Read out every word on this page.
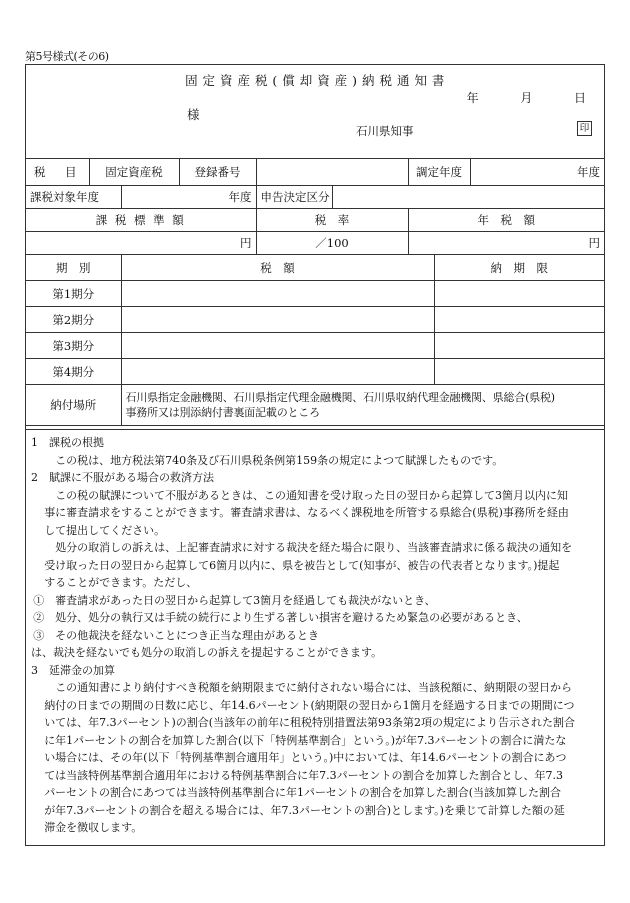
第5号様式(その6)
固 定 資 産 税 ( 償 却 資 産 ) 納 税 通 知 書
年	月	日
様
石川県知事	印
税　目	固定資産税		登録番号			調定年度		年度
課税対象年度		年度		申告決定区分				
課 税 標 準 額				税　率		年　税　額		
円				／100		円		
期　別		税　額					納　期　限	
第1期分								
第2期分								
第3期分								
第4期分								
納付場所		石川県指定金融機関、石川県指定代理金融機関、石川県収納代理金融機関、県総合(県税)
事務所又は別添納付書裏面記載のところ						

1　課税の根拠

この税は、地方税法第740条及び石川県税条例第159条の規定によつて賦課したものです。

2　賦課に不服がある場合の救済方法

この税の賦課について不服があるときは、この通知書を受け取った日の翌日から起算して3箇月以内に知

事に審査請求をすることができます。審査請求書は、なるべく課税地を所管する県総合(県税)事務所を経由

して提出してください。

処分の取消しの訴えは、上記審査請求に対する裁決を経た場合に限り、当該審査請求に係る裁決の通知を

受け取った日の翌日から起算して6箇月以内に、県を被告として(知事が、被告の代表者となります。)提起

することができます。ただし、

①　審査請求があった日の翌日から起算して3箇月を経過しても裁決がないとき、

②　処分、処分の執行又は手続の続行により生ずる著しい損害を避けるため緊急の必要があるとき、

③　その他裁決を経ないことにつき正当な理由があるとき

は、裁決を経ないでも処分の取消しの訴えを提起することができます。

3　延滞金の加算

この通知書により納付すべき税額を納期限までに納付されない場合には、当該税額に、納期限の翌日から

納付の日までの期間の日数に応じ、年14.6パーセント(納期限の翌日から1箇月を経過する日までの期間につ

いては、年7.3パーセント)の割合(当該年の前年に租税特別措置法第93条第2項の規定により告示された割合

に年1パーセントの割合を加算した割合(以下「特例基準割合」という。)が年7.3パーセントの割合に満たな

い場合には、その年(以下「特例基準割合適用年」という。)中においては、年14.6パーセントの割合にあつ

ては当該特例基準割合適用年における特例基準割合に年7.3パーセントの割合を加算した割合とし、年7.3

パーセントの割合にあつては当該特例基準割合に年1パーセントの割合を加算した割合(当該加算した割合

が年7.3パーセントの割合を超える場合には、年7.3パーセントの割合)とします。)を乗じて計算した額の延

滞金を徴収します。
